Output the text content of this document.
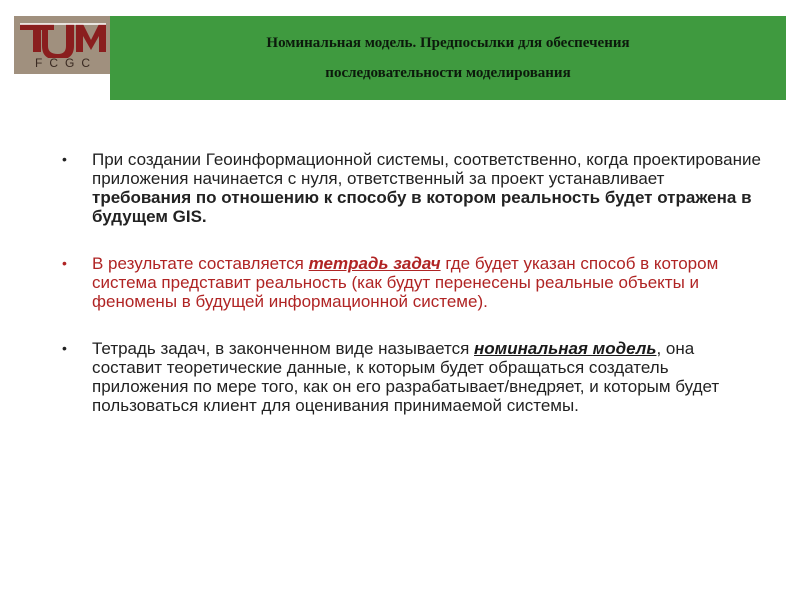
FCGC
Номинальная модель. Предпосылки для обеспечения
последовательности моделирования
• При создании Геоинформационной системы, соответственно, когда проектирование приложения начинается с нуля, ответственный за проект устанавливает требования по отношению к способу в котором реальность будет отражена в будущем GIS.
• В результате составляется тетрадь задач где будет указан способ в котором система представит реальность (как будут перенесены реальные объекты и феномены в будущей информационной системе).
• Тетрадь задач, в законченном виде называется номинальная модель, она составит теоретические данные, к которым будет обращаться создатель приложения по мере того, как он его разрабатывает/внедряет, и которым будет пользоваться клиент для оценивания принимаемой системы.
